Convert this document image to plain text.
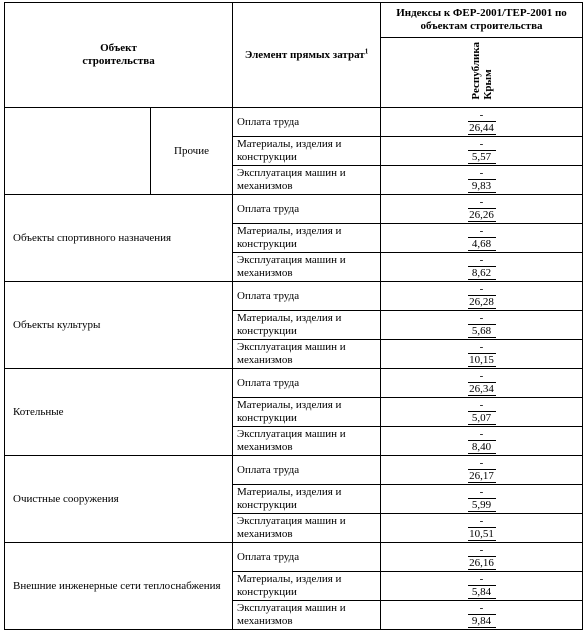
Объект
строительства		Элемент прямых затрат$^1$	Индексы к ФЕР-2001/ТЕР-2001 по объектам строительства
			Республика
Крым
	Прочие	Оплата труда	-
26,44

		Материалы, изделия и конструкции	-
5,57

		Эксплуатация машин и механизмов	-
9,83

Объекты спортивного назначения		Оплата труда	-
26,26

		Материалы, изделия и конструкции	-
4,68

		Эксплуатация машин и механизмов	-
8,62

Объекты культуры		Оплата труда	-
26,28

		Материалы, изделия и конструкции	-
5,68

		Эксплуатация машин и механизмов	-
10,15

Котельные		Оплата труда	-
26,34

		Материалы, изделия и конструкции	-
5,07

		Эксплуатация машин и механизмов	-
8,40

Очистные сооружения		Оплата труда	-
26,17

		Материалы, изделия и конструкции	-
5,99

		Эксплуатация машин и механизмов	-
10,51

Внешние инженерные сети теплоснабжения		Оплата труда	-
26,16

		Материалы, изделия и конструкции	-
5,84

		Эксплуатация машин и механизмов	-
9,84
